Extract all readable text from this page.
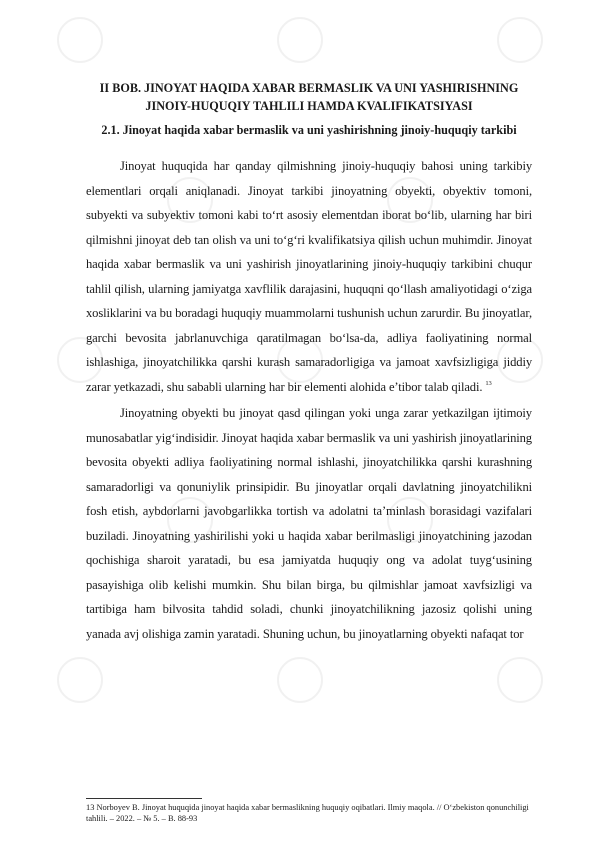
II BOB. JINOYAT HAQIDA XABAR BERMASLIK VA UNI YASHIRISHNING JINOIY-HUQUQIY TAHLILI HAMDA KVALIFIKATSIYASI

2.1. Jinoyat haqida xabar bermaslik va uni yashirishning jinoiy-huquqiy tarkibi

Jinoyat huquqida har qanday qilmishning jinoiy-huquqiy bahosi uning tarkibiy elementlari orqali aniqlanadi. Jinoyat tarkibi jinoyatning obyekti, obyektiv tomoni, subyekti va subyektiv tomoni kabi to‘rt asosiy elementdan iborat bo‘lib, ularning har biri qilmishni jinoyat deb tan olish va uni to‘g‘ri kvalifikatsiya qilish uchun muhimdir. Jinoyat haqida xabar bermaslik va uni yashirish jinoyatlarining jinoiy-huquqiy tarkibini chuqur tahlil qilish, ularning jamiyatga xavflilik darajasini, huquqni qo‘llash amaliyotidagi o‘ziga xosliklarini va bu boradagi huquqiy muammolarni tushunish uchun zarurdir. Bu jinoyatlar, garchi bevosita jabrlanuvchiga qaratilmagan bo‘lsa-da, adliya faoliyatining normal ishlashiga, jinoyatchilikka qarshi kurash samaradorligiga va jamoat xavfsizligiga jiddiy zarar yetkazadi, shu sababli ularning har bir elementi alohida e’tibor talab qiladi. $^{13}$

Jinoyatning obyekti bu jinoyat qasd qilingan yoki unga zarar yetkazilgan ijtimoiy munosabatlar yig‘indisidir. Jinoyat haqida xabar bermaslik va uni yashirish jinoyatlarining bevosita obyekti adliya faoliyatining normal ishlashi, jinoyatchilikka qarshi kurashning samaradorligi va qonuniylik prinsipidir. Bu jinoyatlar orqali davlatning jinoyatchilikni fosh etish, aybdorlarni javobgarlikka tortish va adolatni ta’minlash borasidagi vazifalari buziladi. Jinoyatning yashirilishi yoki u haqida xabar berilmasligi jinoyatchining jazodan qochishiga sharoit yaratadi, bu esa jamiyatda huquqiy ong va adolat tuyg‘usining pasayishiga olib kelishi mumkin. Shu bilan birga, bu qilmishlar jamoat xavfsizligi va tartibiga ham bilvosita tahdid soladi, chunki jinoyatchilikning jazosiz qolishi uning yanada avj olishiga zamin yaratadi. Shuning uchun, bu jinoyatlarning obyekti nafaqat tor

13 Norboyev B. Jinoyat huquqida jinoyat haqida xabar bermaslikning huquqiy oqibatlari. Ilmiy maqola. // O‘zbekiston qonunchiligi tahlili. – 2022. – № 5. – B. 88-93
